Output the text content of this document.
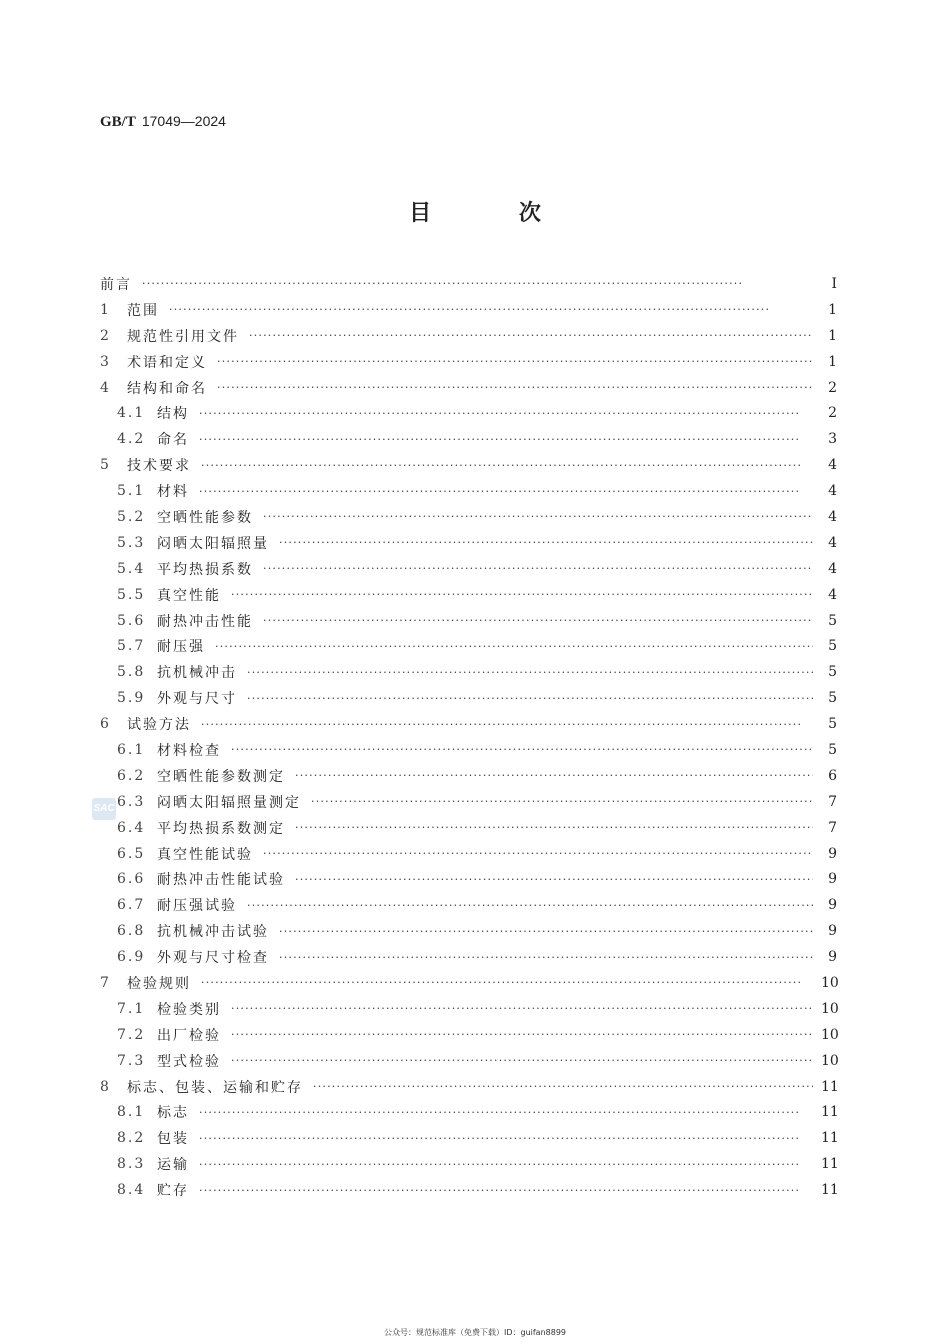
GB/T 17049—2024
目 次
前言 ·····	I
1	范围 ·····	1
2	规范性引用文件 ·····	1
3	术语和定义 ·····	1
4	结构和命名 ·····	2
4.1 结构 ·····	2
4.2 命名 ·····	3
5	技术要求 ·····	4
5.1 材料 ·····	4
5.2 空晒性能参数 ·····	4
5.3 闷晒太阳辐照量 ·····	4
5.4 平均热损系数 ·····	4
5.5 真空性能 ·····	4
5.6 耐热冲击性能 ·····	5
5.7 耐压强 ·····	5
5.8 抗机械冲击 ·····	5
5.9 外观与尺寸 ·····	5
6	试验方法 ·····	5
6.1 材料检查 ·····	5
6.2 空晒性能参数测定 ·····	6
6.3 闷晒太阳辐照量测定 ·····	7
6.4 平均热损系数测定 ·····	7
6.5 真空性能试验 ·····	9
6.6 耐热冲击性能试验 ·····	9
6.7 耐压强试验 ·····	9
6.8 抗机械冲击试验 ·····	9
6.9 外观与尺寸检查 ·····	9
7	检验规则 ·····	10
7.1 检验类别 ·····	10
7.2 出厂检验 ·····	10
7.3 型式检验 ·····	10
8	标志、包装、运输和贮存 ·····	11
8.1 标志 ·····	11
8.2 包装 ·····	11
8.3 运输 ·····	11
8.4 贮存 ·····	11
SAC
公众号：规范标准库（免费下载）ID：guifan8899
